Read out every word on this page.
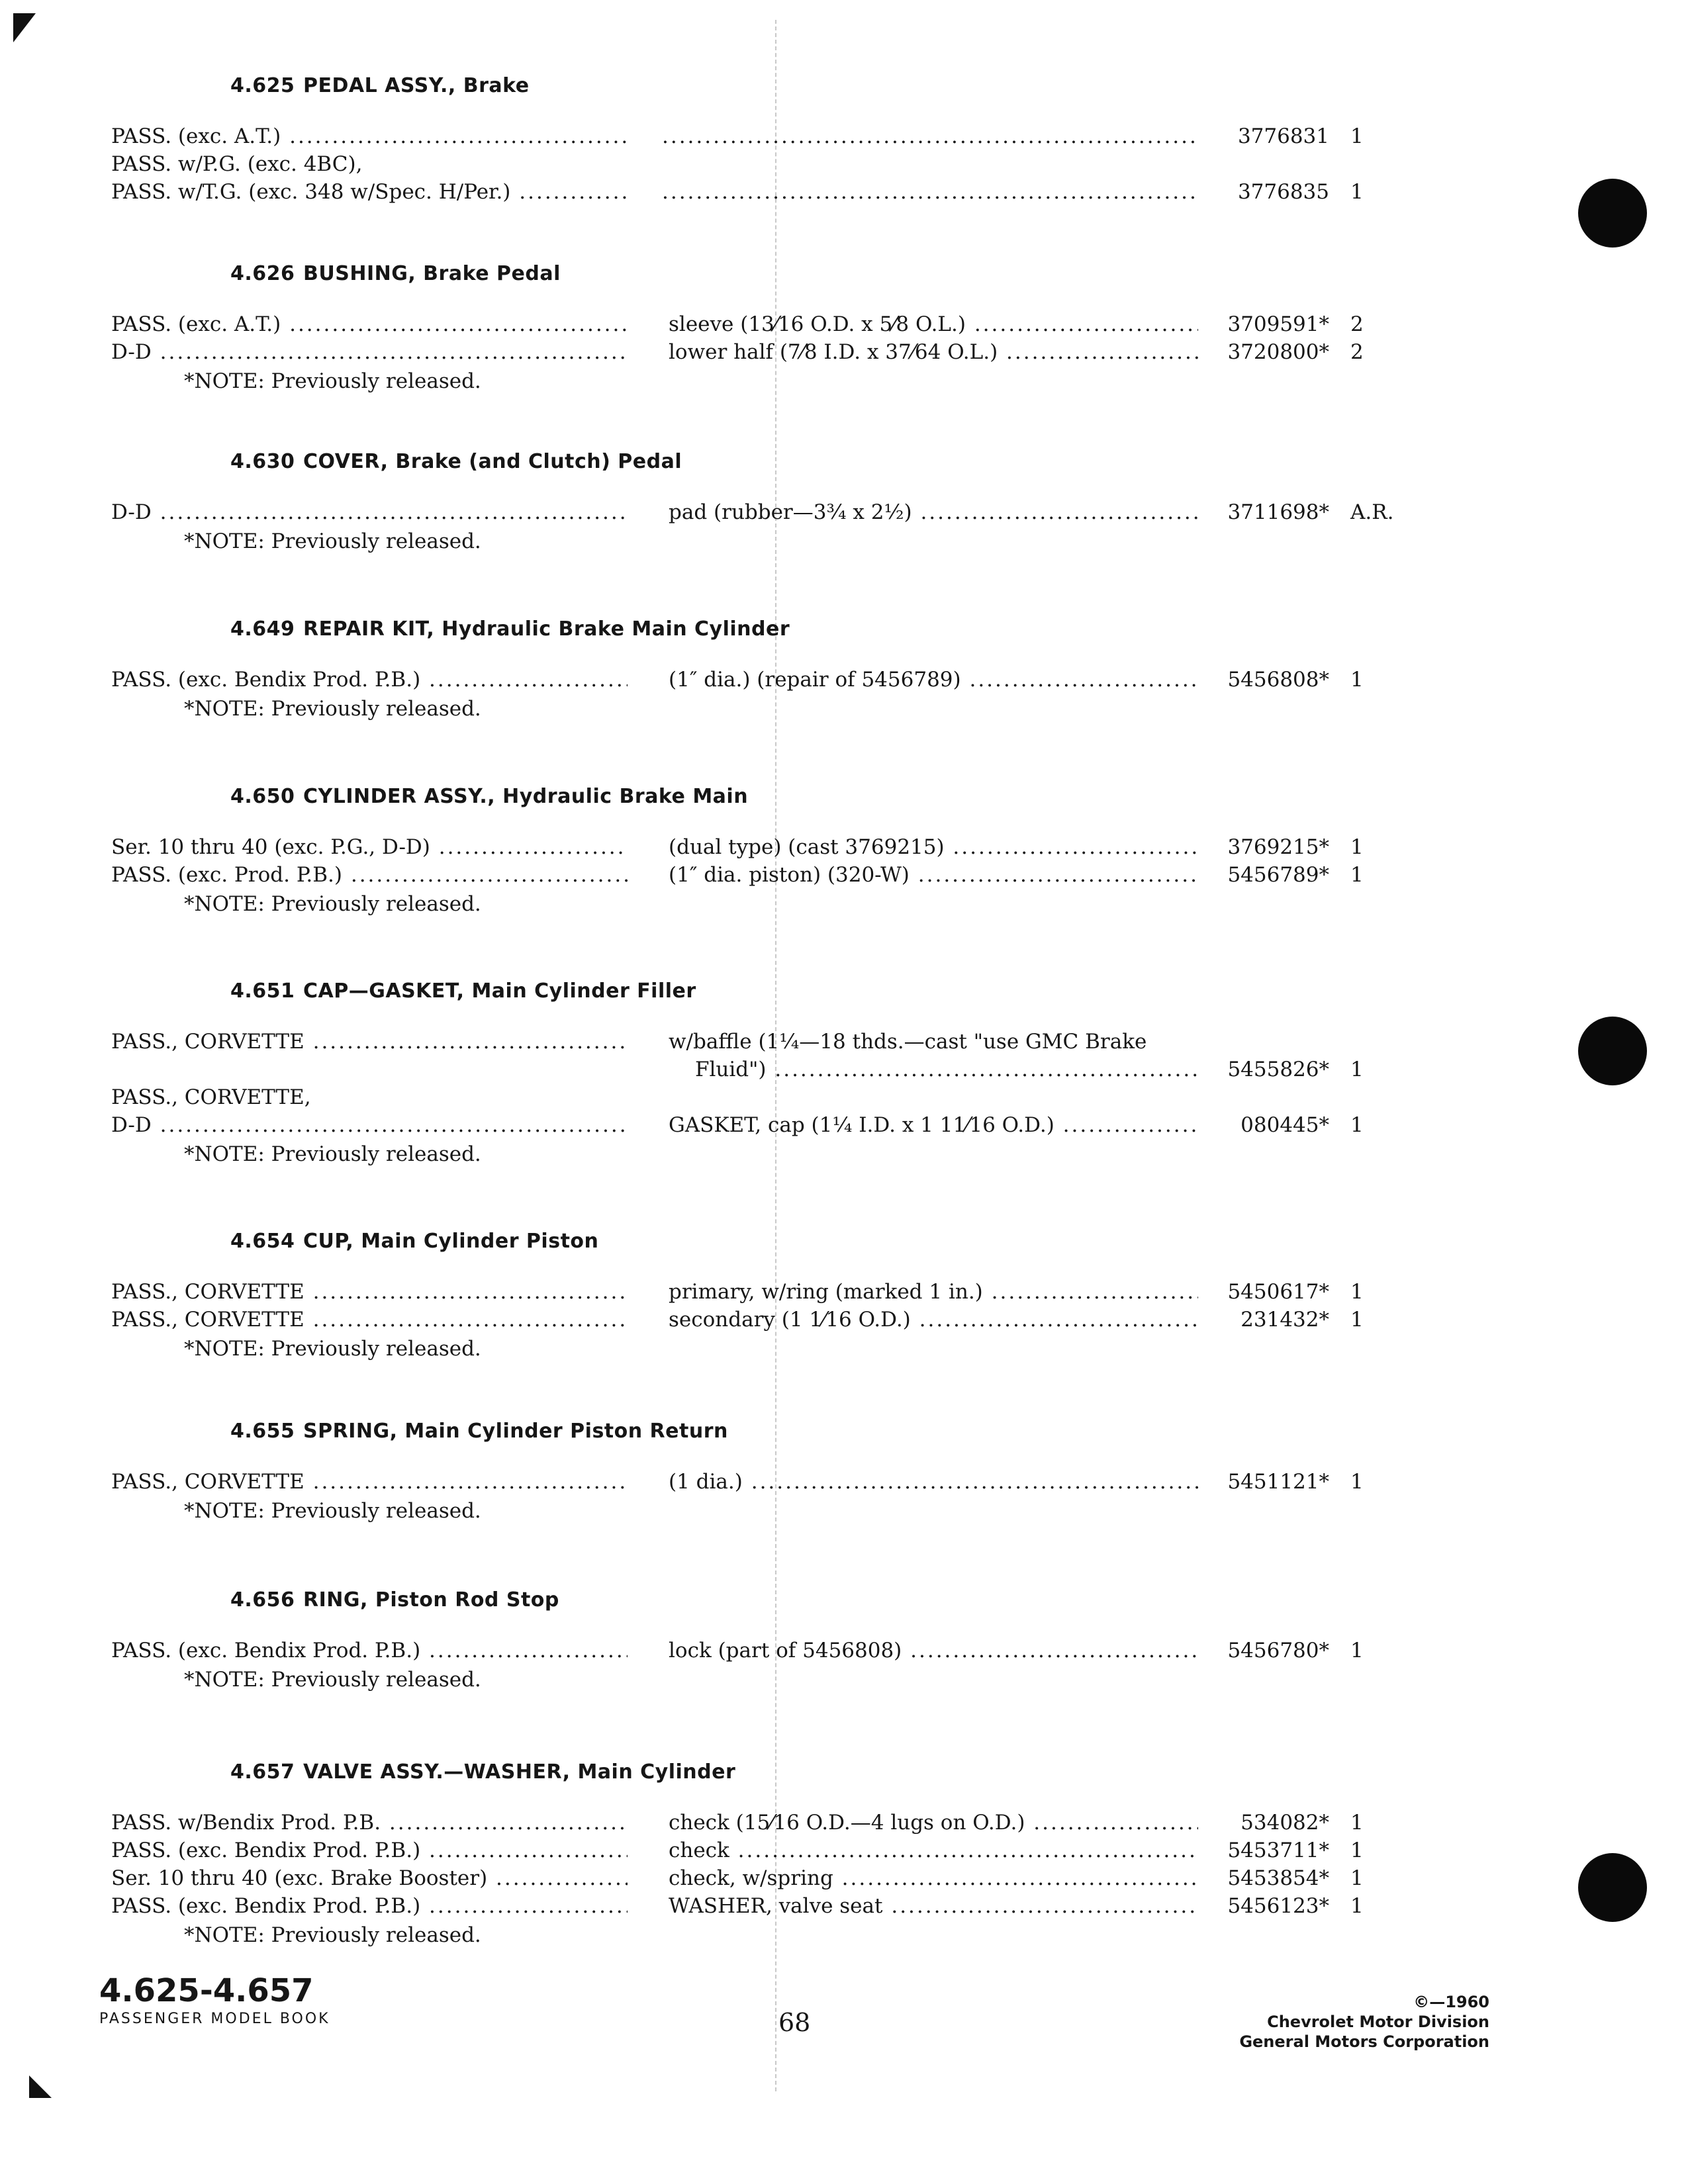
4.625 PEDAL ASSY., Brake
PASS. (exc. A.T.) ..... .....	3776831 1
PASS. w/P.G. (exc. 4BC),
PASS. w/T.G. (exc. 348 w/Spec. H/Per.) ..... .....	3776835 1
4.626 BUSHING, Brake Pedal
PASS. (exc. A.T.) .....	sleeve (13⁄16 O.D. x 5⁄8 O.L.) .....	3709591* 2
D-D .....	lower half (7⁄8 I.D. x 37⁄64 O.L.) .....	3720800* 2
*NOTE: Previously released.
4.630 COVER, Brake (and Clutch) Pedal
D-D .....	pad (rubber—3¾ x 2½) .....	3711698* A.R.
*NOTE: Previously released.
4.649 REPAIR KIT, Hydraulic Brake Main Cylinder
PASS. (exc. Bendix Prod. P.B.) .....	(1″ dia.) (repair of 5456789) .....	5456808* 1
*NOTE: Previously released.
4.650 CYLINDER ASSY., Hydraulic Brake Main
Ser. 10 thru 40 (exc. P.G., D-D) .....	(dual type) (cast 3769215) .....	3769215* 1
PASS. (exc. Prod. P.B.) .....	(1″ dia. piston) (320-W) .....	5456789* 1
*NOTE: Previously released.
4.651 CAP—GASKET, Main Cylinder Filler
PASS., CORVETTE .....	w/baffle (1¼—18 thds.—cast "use GMC Brake
Fluid") .....	5455826* 1
PASS., CORVETTE,
D-D .....	GASKET, cap (1¼ I.D. x 1 11⁄16 O.D.) .....	080445* 1
*NOTE: Previously released.
4.654 CUP, Main Cylinder Piston
PASS., CORVETTE .....	primary, w/ring (marked 1 in.) .....	5450617* 1
PASS., CORVETTE .....	secondary (1 1⁄16 O.D.) .....	231432* 1
*NOTE: Previously released.
4.655 SPRING, Main Cylinder Piston Return
PASS., CORVETTE .....	(1 dia.) .....	5451121* 1
*NOTE: Previously released.
4.656 RING, Piston Rod Stop
PASS. (exc. Bendix Prod. P.B.) .....	lock (part of 5456808) .....	5456780* 1
*NOTE: Previously released.
4.657 VALVE ASSY.—WASHER, Main Cylinder
PASS. w/Bendix Prod. P.B. .....	check (15⁄16 O.D.—4 lugs on O.D.) .....	534082* 1
PASS. (exc. Bendix Prod. P.B.) .....	check .....	5453711* 1
Ser. 10 thru 40 (exc. Brake Booster) .....	check, w/spring .....	5453854* 1
PASS. (exc. Bendix Prod. P.B.) .....	WASHER, valve seat .....	5456123* 1
*NOTE: Previously released.
4.625-4.657
PASSENGER MODEL BOOK	68
©—1960
Chevrolet Motor Division
General Motors Corporation
